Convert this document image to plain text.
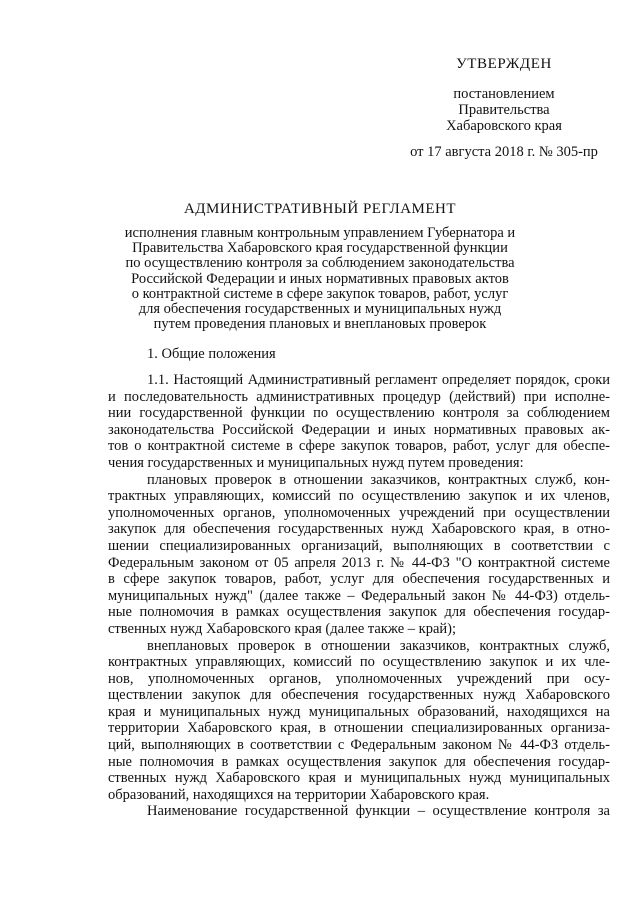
УТВЕРЖДЕН
постановлением
Правительства
Хабаровского края
от 17 августа 2018 г. № 305-пр
АДМИНИСТРАТИВНЫЙ РЕГЛАМЕНТ
исполнения главным контрольным управлением Губернатора и
Правительства Хабаровского края государственной функции
по осуществлению контроля за соблюдением законодательства
Российской Федерации и иных нормативных правовых актов
о контрактной системе в сфере закупок товаров, работ, услуг
для обеспечения государственных и муниципальных нужд
путем проведения плановых и внеплановых проверок
1. Общие положения
1.1. Настоящий Административный регламент определяет порядок, сроки
и последовательность административных процедур (действий) при исполне-
нии государственной функции по осуществлению контроля за соблюдением
законодательства Российской Федерации и иных нормативных правовых ак-
тов о контрактной системе в сфере закупок товаров, работ, услуг для обеспе-
чения государственных и муниципальных нужд путем проведения:
плановых проверок в отношении заказчиков, контрактных служб, кон-
трактных управляющих, комиссий по осуществлению закупок и их членов,
уполномоченных органов, уполномоченных учреждений при осуществлении
закупок для обеспечения государственных нужд Хабаровского края, в отно-
шении специализированных организаций, выполняющих в соответствии с
Федеральным законом от 05 апреля 2013 г. № 44-ФЗ "О контрактной системе
в сфере закупок товаров, работ, услуг для обеспечения государственных и
муниципальных нужд" (далее также – Федеральный закон № 44-ФЗ) отдель-
ные полномочия в рамках осуществления закупок для обеспечения государ-
ственных нужд Хабаровского края (далее также – край);
внеплановых проверок в отношении заказчиков, контрактных служб,
контрактных управляющих, комиссий по осуществлению закупок и их чле-
нов, уполномоченных органов, уполномоченных учреждений при осу-
ществлении закупок для обеспечения государственных нужд Хабаровского
края и муниципальных нужд муниципальных образований, находящихся на
территории Хабаровского края, в отношении специализированных организа-
ций, выполняющих в соответствии с Федеральным законом № 44-ФЗ отдель-
ные полномочия в рамках осуществления закупок для обеспечения государ-
ственных нужд Хабаровского края и муниципальных нужд муниципальных
образований, находящихся на территории Хабаровского края.
Наименование государственной функции – осуществление контроля за
